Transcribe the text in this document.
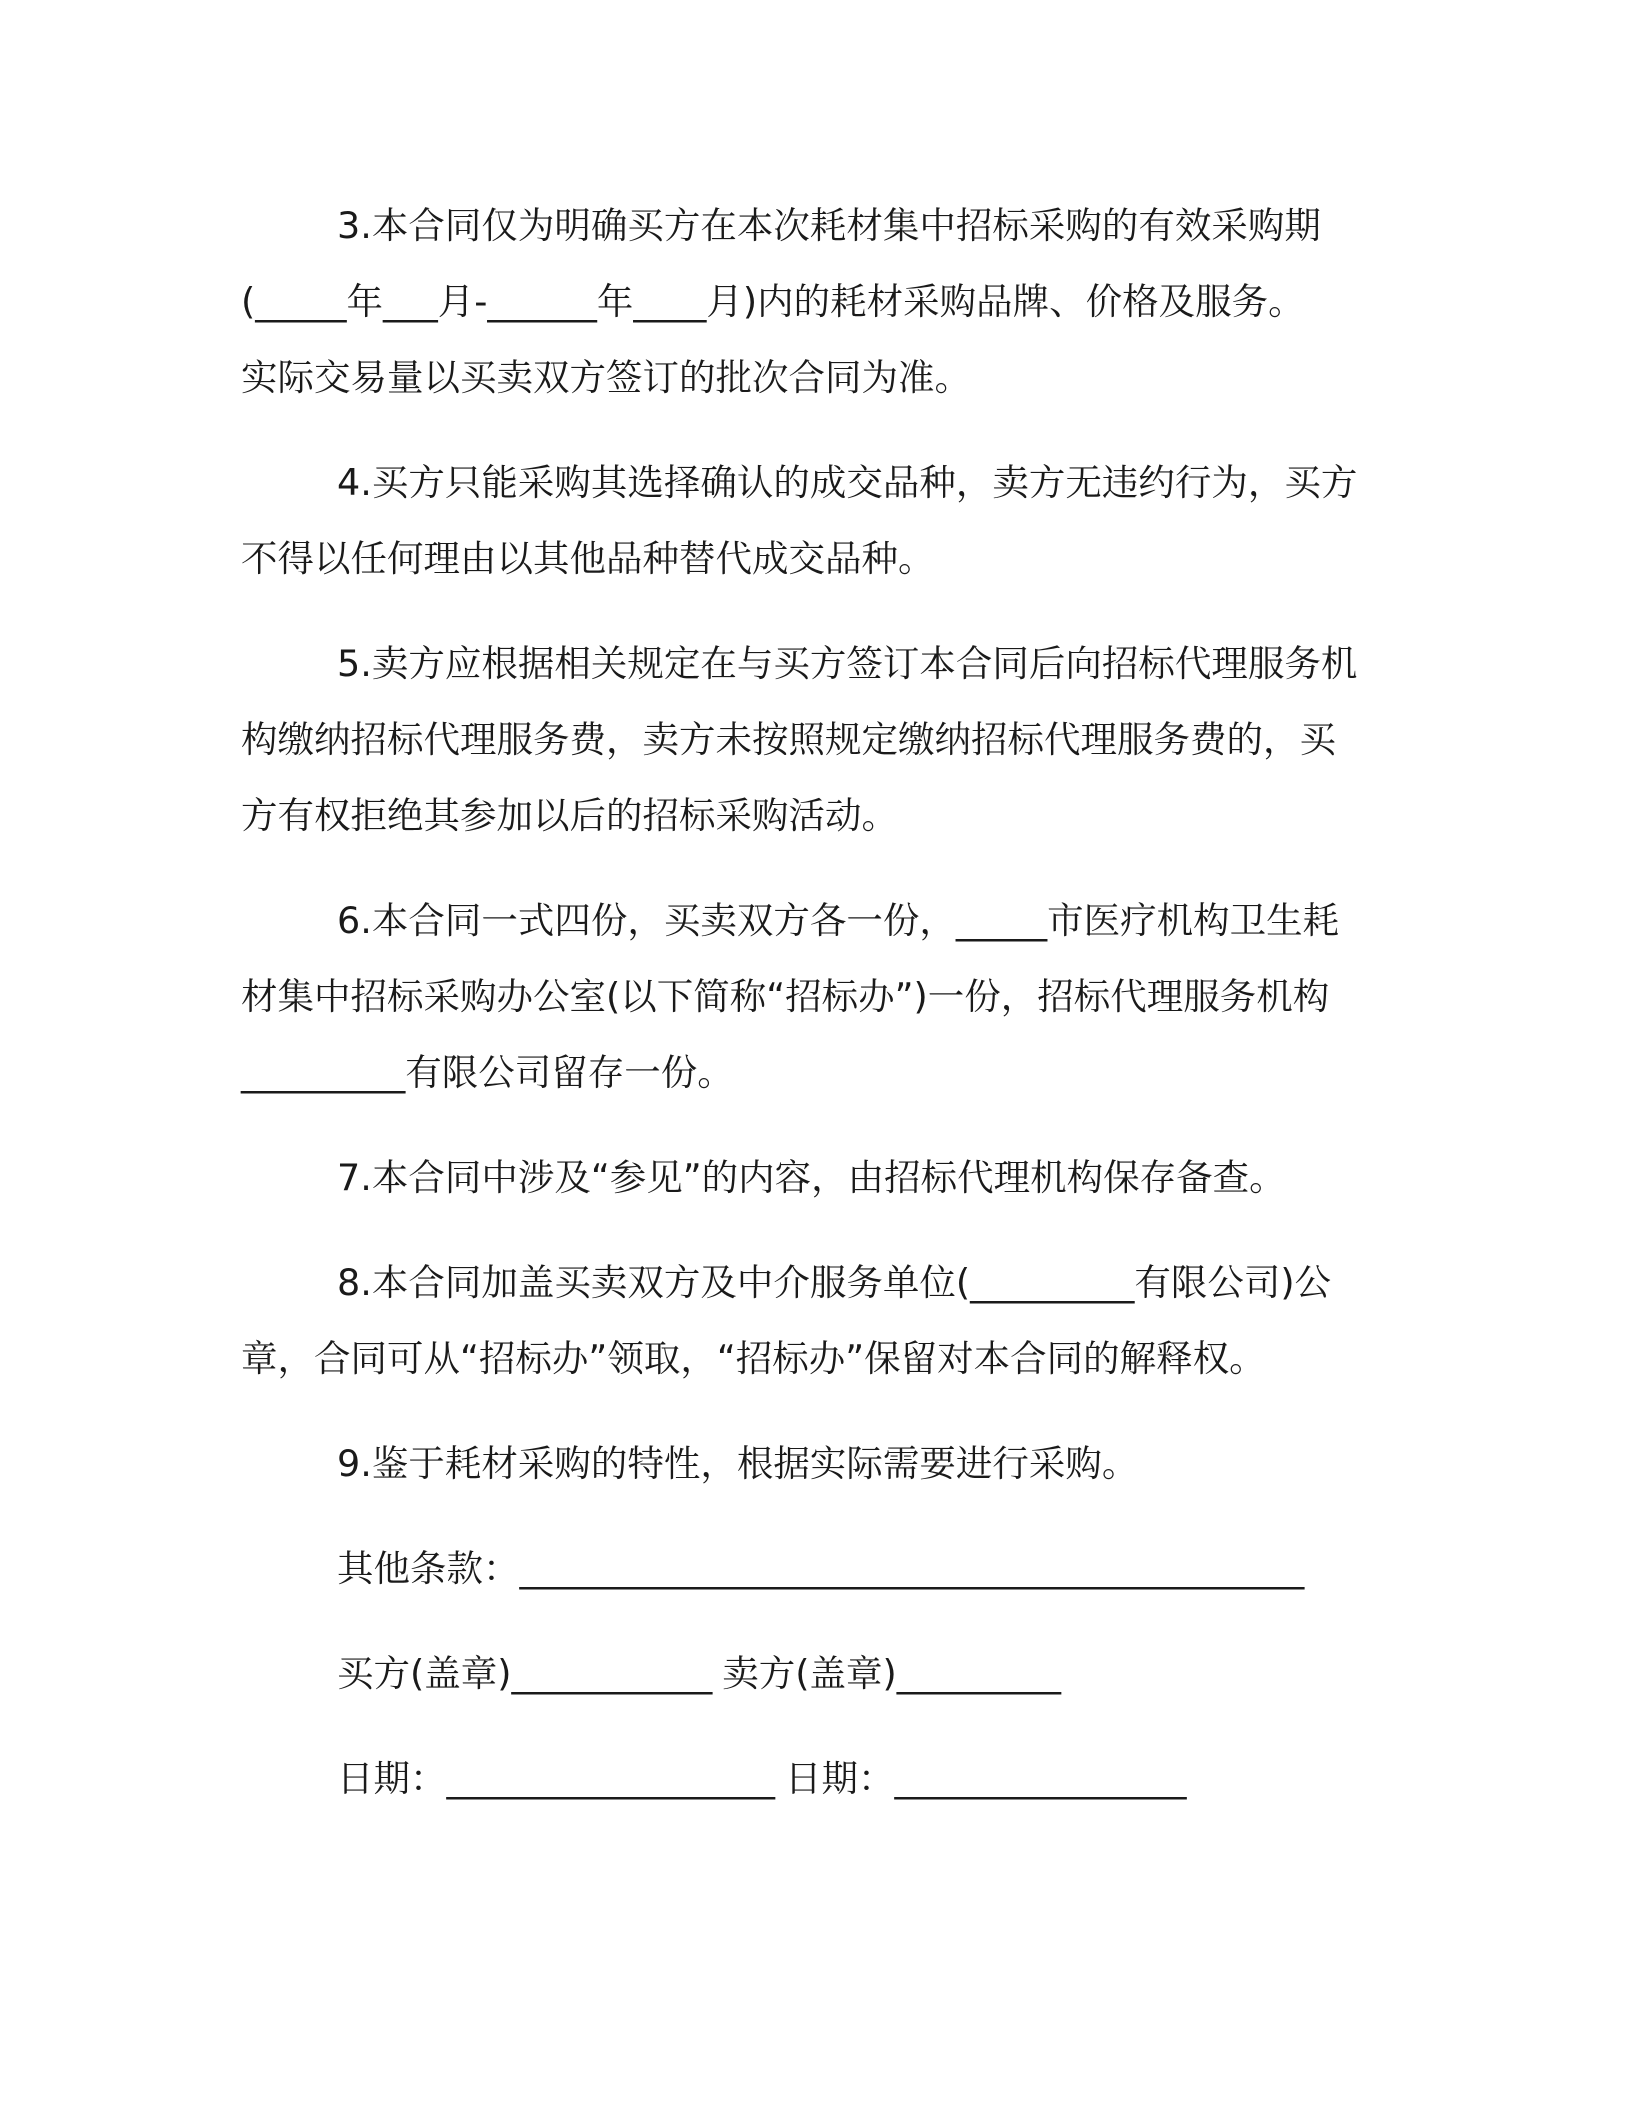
3.本合同仅为明确买方在本次耗材集中招标采购的有效采购期
(_____年___月-______年____月)内的耗材采购品牌、价格及服务。
实际交易量以买卖双方签订的批次合同为准。
4.买方只能采购其选择确认的成交品种，卖方无违约行为，买方
不得以任何理由以其他品种替代成交品种。
5.卖方应根据相关规定在与买方签订本合同后向招标代理服务机
构缴纳招标代理服务费，卖方未按照规定缴纳招标代理服务费的，买
方有权拒绝其参加以后的招标采购活动。
6.本合同一式四份，买卖双方各一份，_____市医疗机构卫生耗
材集中招标采购办公室(以下简称“招标办”)一份，招标代理服务机构
_________有限公司留存一份。
7.本合同中涉及“参见”的内容，由招标代理机构保存备查。
8.本合同加盖买卖双方及中介服务单位(_________有限公司)公
章，合同可从“招标办”领取，“招标办”保留对本合同的解释权。
9.鉴于耗材采购的特性，根据实际需要进行采购。
其他条款：___________________________________________
买方(盖章)___________ 卖方(盖章)_________
日期：__________________ 日期：________________
